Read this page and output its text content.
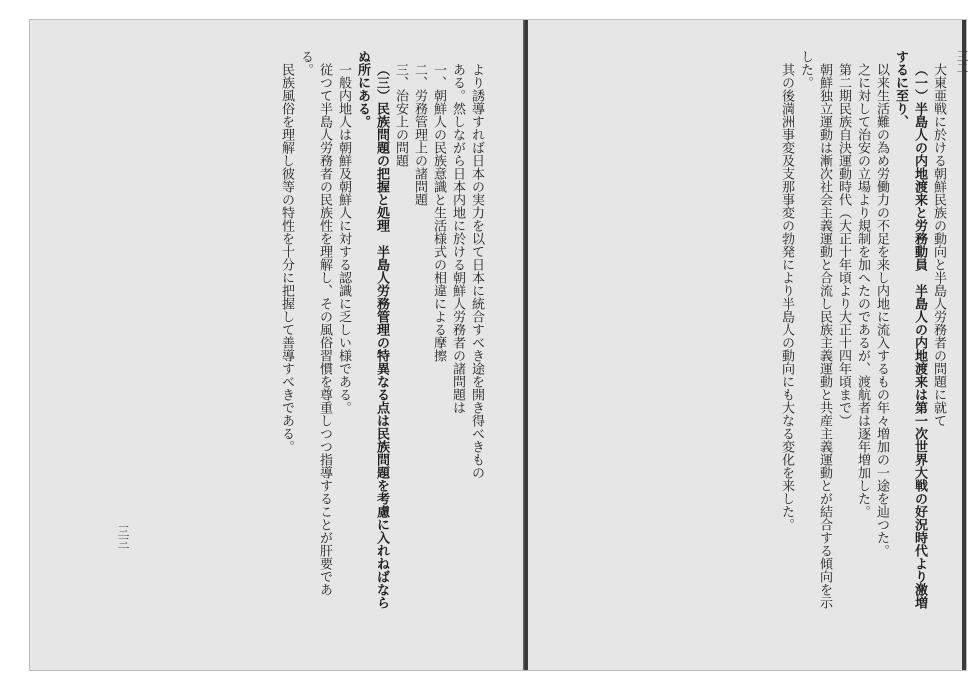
より誘導すれば日本の実力を以て日本に統合すべき途を開き得べきもの

ある。然しながら日本内地に於ける朝鮮人労務者の諸問題は

一、朝鮮人の民族意識と生活様式の相違による摩擦

二、労務管理上の諸問題

三、治安上の問題

（三）民族問題の把握と処理　半島人労務管理の特異なる点は民族問題を考慮に入れねばならぬ所にある。

一般内地人は朝鮮及朝鮮人に対する認識に乏しい様である。

従つて半島人労務者の民族性を理解し、その風俗習慣を尊重しつつ指導することが肝要である。

民族風俗を理解し彼等の特性を十分に把握して善導すべきである。

三三

大東亜戦に於ける朝鮮民族の動向と半島人労務者の問題に就て

（一）半島人の内地渡来と労務動員　半島人の内地渡来は第一次世界大戦の好況時代より激増するに至り、

以来生活難の為め労働力の不足を来し内地に流入するもの年々増加の一途を辿つた。

之に対して治安の立場より規制を加へたのであるが、渡航者は逐年増加した。

第二期民族自決運動時代（大正十年頃より大正十四年頃まで）

朝鮮独立運動は漸次社会主義運動と合流し民族主義運動と共産主義運動とが結合する傾向を示した。

其の後満洲事変及支那事変の勃発により半島人の動向にも大なる変化を来した。
